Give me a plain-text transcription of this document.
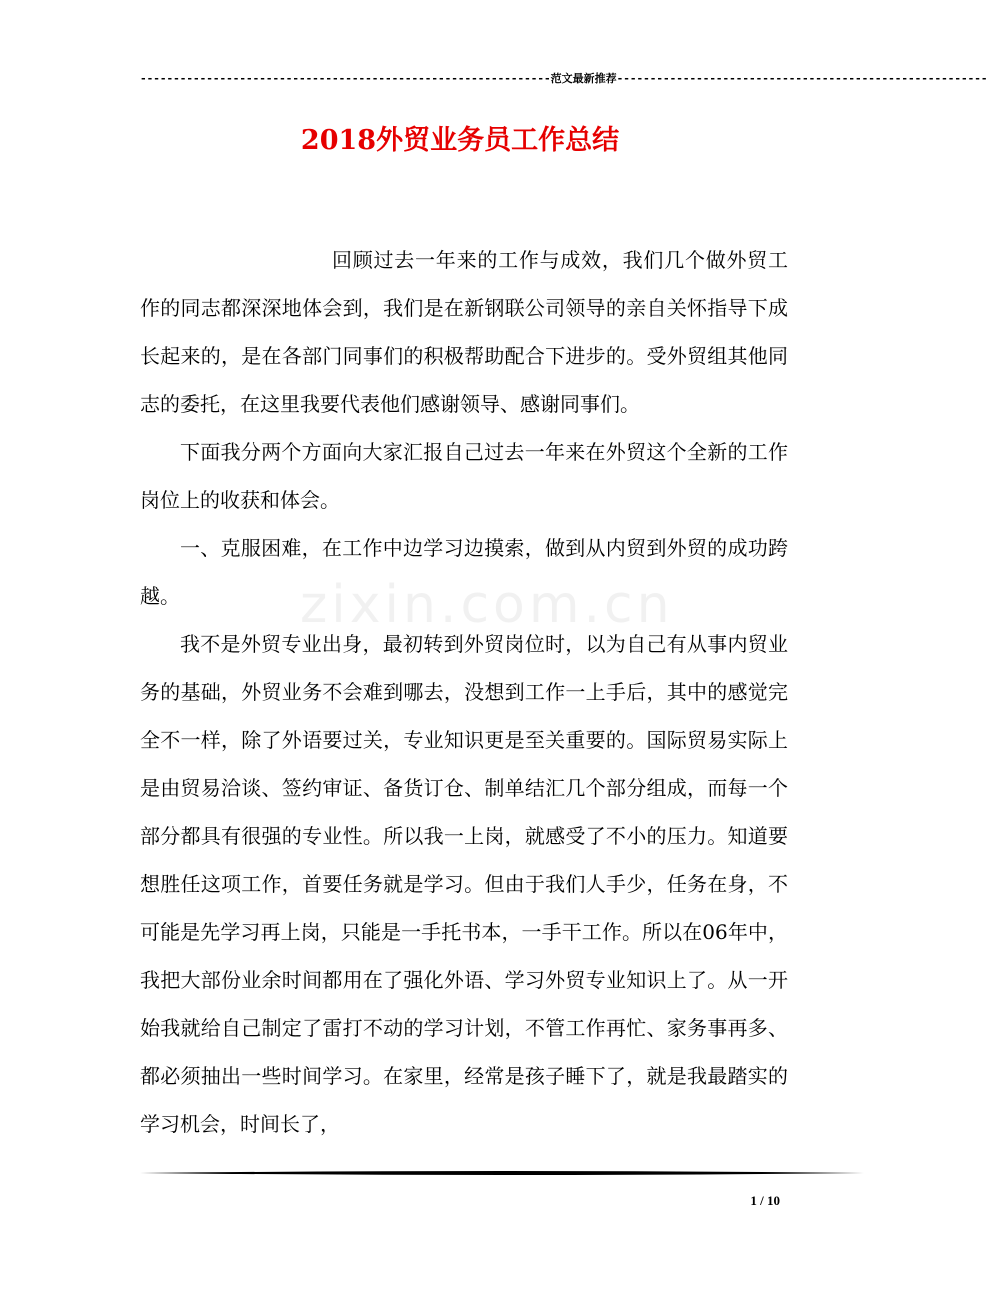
--------------------------------------------------------------范文最新推荐--------------------------------------------------------
2018外贸业务员工作总结
zixin.com.cn

回顾过去一年来的工作与成效，我们几个做外贸工作的同志都深深地体会到，我们是在新钢联公司领导的亲自关怀指导下成长起来的，是在各部门同事们的积极帮助配合下进步的。受外贸组其他同志的委托，在这里我要代表他们感谢领导、感谢同事们。

下面我分两个方面向大家汇报自己过去一年来在外贸这个全新的工作岗位上的收获和体会。

一、克服困难，在工作中边学习边摸索，做到从内贸到外贸的成功跨越。

我不是外贸专业出身，最初转到外贸岗位时，以为自己有从事内贸业务的基础，外贸业务不会难到哪去，没想到工作一上手后，其中的感觉完全不一样，除了外语要过关，专业知识更是至关重要的。国际贸易实际上是由贸易洽谈、签约审证、备货订仓、制单结汇几个部分组成，而每一个部分都具有很强的专业性。所以我一上岗，就感受了不小的压力。知道要想胜任这项工作，首要任务就是学习。但由于我们人手少，任务在身，不可能是先学习再上岗，只能是一手托书本，一手干工作。所以在06年中，我把大部份业余时间都用在了强化外语、学习外贸专业知识上了。从一开始我就给自己制定了雷打不动的学习计划，不管工作再忙、家务事再多、都必须抽出一些时间学习。在家里，经常是孩子睡下了，就是我最踏实的学习机会，时间长了，

1 / 10
